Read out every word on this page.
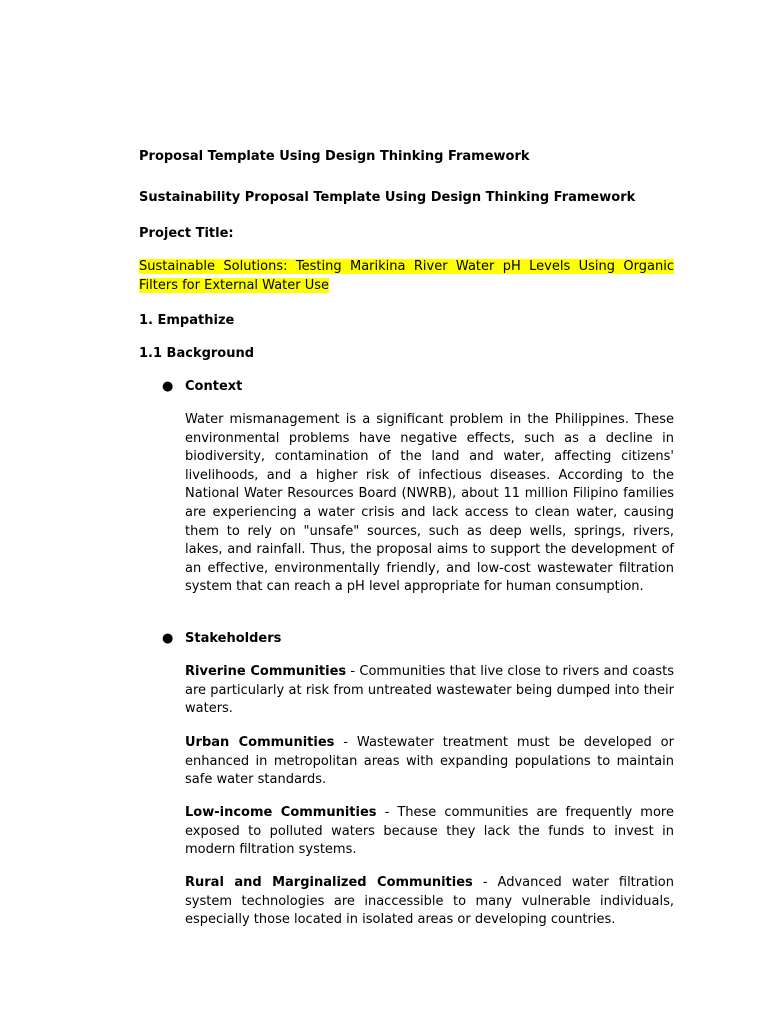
Proposal Template Using Design Thinking Framework

Sustainability Proposal Template Using Design Thinking Framework

Project Title:

Sustainable Solutions: Testing Marikina River Water pH Levels Using Organic Filters for External Water Use

1. Empathize

1.1 Background

● Context

Water mismanagement is a significant problem in the Philippines. These environmental problems have negative effects, such as a decline in biodiversity, contamination of the land and water, affecting citizens' livelihoods, and a higher risk of infectious diseases. According to the National Water Resources Board (NWRB), about 11 million Filipino families are experiencing a water crisis and lack access to clean water, causing them to rely on "unsafe" sources, such as deep wells, springs, rivers, lakes, and rainfall. Thus, the proposal aims to support the development of an effective, environmentally friendly, and low-cost wastewater filtration system that can reach a pH level appropriate for human consumption.

● Stakeholders

Riverine Communities - Communities that live close to rivers and coasts are particularly at risk from untreated wastewater being dumped into their waters.

Urban Communities - Wastewater treatment must be developed or enhanced in metropolitan areas with expanding populations to maintain safe water standards.

Low-income Communities - These communities are frequently more exposed to polluted waters because they lack the funds to invest in modern filtration systems.

Rural and Marginalized Communities - Advanced water filtration system technologies are inaccessible to many vulnerable individuals, especially those located in isolated areas or developing countries.
